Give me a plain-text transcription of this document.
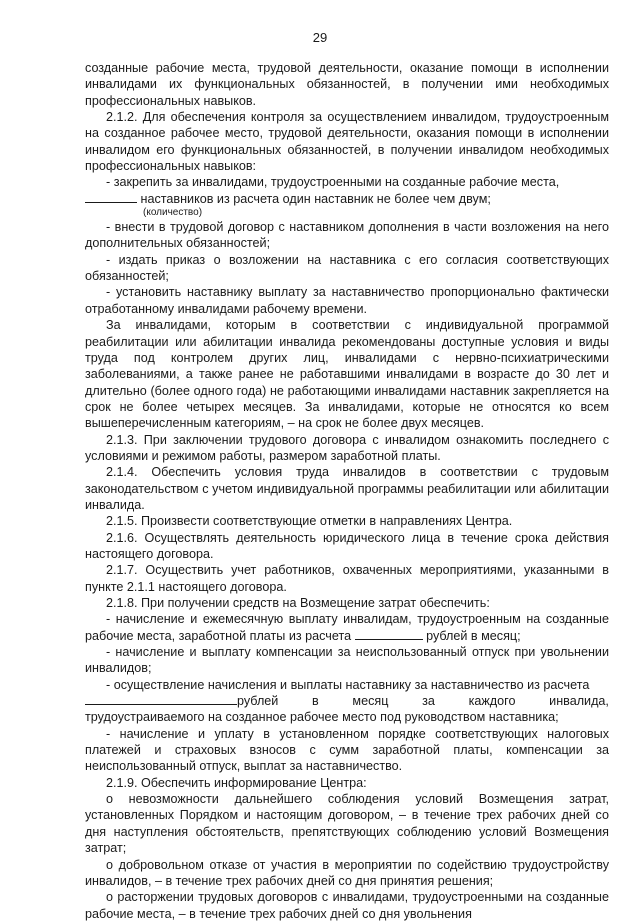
29

созданные рабочие места, трудовой деятельности, оказание помощи в исполнении инвалидами их функциональных обязанностей, в получении ими необходимых профессиональных навыков.

2.1.2. Для обеспечения контроля за осуществлением инвалидом, трудоустроенным на созданное рабочее место, трудовой деятельности, оказания помощи в исполнении инвалидом его функциональных обязанностей, в получении инвалидом необходимых профессиональных навыков:

- закрепить за инвалидами, трудоустроенными на созданные рабочие места,

наставников из расчета один наставник не более чем двум;

(количество)

- внести в трудовой договор с наставником дополнения в части возложения на него дополнительных обязанностей;

- издать приказ о возложении на наставника с его согласия соответствующих обязанностей;

- установить наставнику выплату за наставничество пропорционально фактически отработанному инвалидами рабочему времени.

За инвалидами, которым в соответствии с индивидуальной программой реабилитации или абилитации инвалида рекомендованы доступные условия и виды труда под контролем других лиц, инвалидами с нервно-психиатрическими заболеваниями, а также ранее не работавшими инвалидами в возрасте до 30 лет и длительно (более одного года) не работающими инвалидами наставник закрепляется на срок не более четырех месяцев. За инвалидами, которые не относятся ко всем вышеперечисленным категориям, – на срок не более двух месяцев.

2.1.3. При заключении трудового договора с инвалидом ознакомить последнего с условиями и режимом работы, размером заработной платы.

2.1.4. Обеспечить условия труда инвалидов в соответствии с трудовым законодательством с учетом индивидуальной программы реабилитации или абилитации инвалида.

2.1.5. Произвести соответствующие отметки в направлениях Центра.

2.1.6. Осуществлять деятельность юридического лица в течение срока действия настоящего договора.

2.1.7. Осуществить учет работников, охваченных мероприятиями, указанными в пункте 2.1.1 настоящего договора.

2.1.8. При получении средств на Возмещение затрат обеспечить:

- начисление и ежемесячную выплату инвалидам, трудоустроенным на созданные рабочие места, заработной платы из расчета	рублей в месяц;

- начисление и выплату компенсации за неиспользованный отпуск при увольнении инвалидов;

- осуществление начисления и выплаты наставнику за наставничество из расчета

рублей	в	месяц	за	каждого	инвалида,

трудоустраиваемого на созданное рабочее место под руководством наставника;

- начисление и уплату в установленном порядке соответствующих налоговых платежей и страховых взносов с сумм заработной платы, компенсации за неиспользованный отпуск, выплат за наставничество.

2.1.9. Обеспечить информирование Центра:

о невозможности дальнейшего соблюдения условий Возмещения затрат, установленных Порядком и настоящим договором, – в течение трех рабочих дней со дня наступления обстоятельств, препятствующих соблюдению условий Возмещения затрат;

о добровольном отказе от участия в мероприятии по содействию трудоустройству инвалидов, – в течение трех рабочих дней со дня принятия решения;

о расторжении трудовых договоров с инвалидами, трудоустроенными на созданные рабочие места, – в течение трех рабочих дней со дня увольнения
